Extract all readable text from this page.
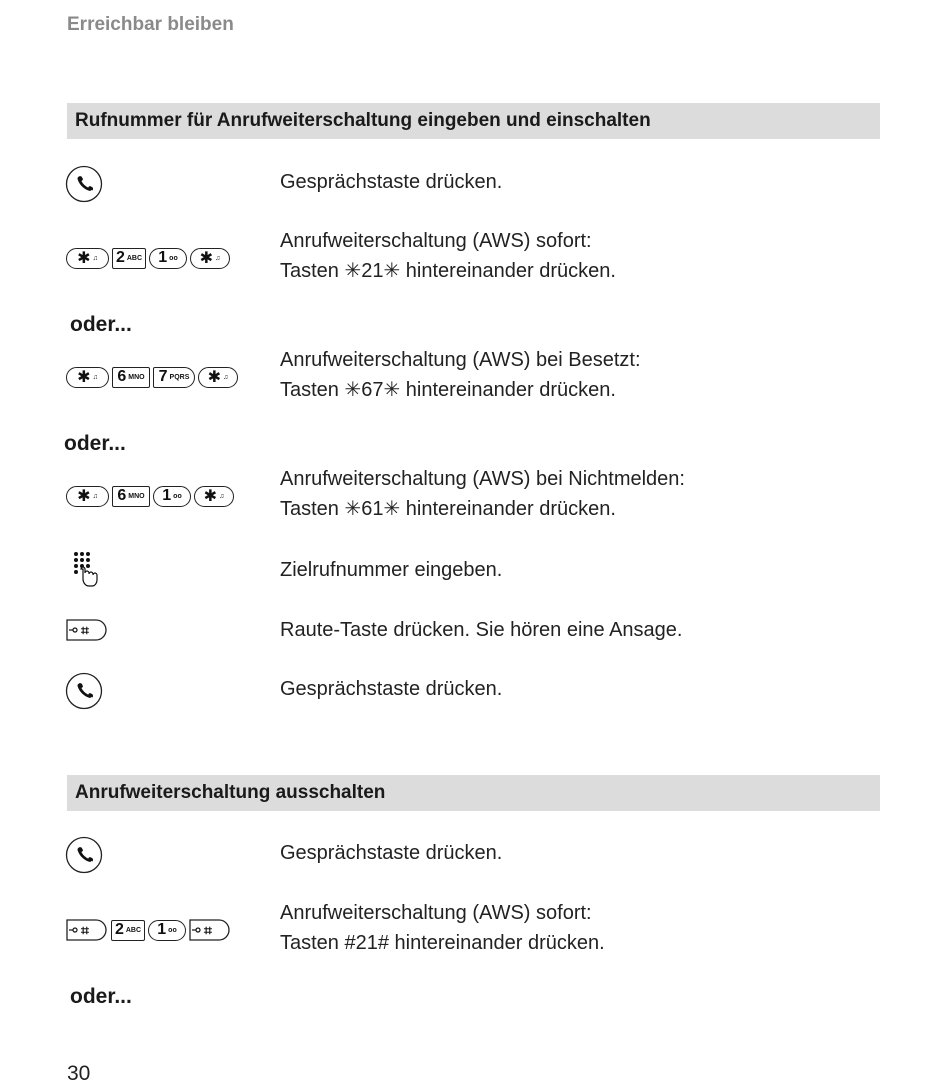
Erreichbar bleiben
Rufnummer für Anrufweiterschaltung eingeben und einschalten
Gesprächstaste drücken.
✱ ♫ 2 ABC 1 oo ✱ ♫
Anrufweiterschaltung (AWS) sofort:
Tasten ✳21✳ hintereinander drücken.
oder...
✱ ♫ 6 MNO 7 PQRS ✱ ♫
Anrufweiterschaltung (AWS) bei Besetzt:
Tasten ✳67✳ hintereinander drücken.
oder...
✱ ♫ 6 MNO 1 oo ✱ ♫
Anrufweiterschaltung (AWS) bei Nichtmelden:
Tasten ✳61✳ hintereinander drücken.
Zielrufnummer eingeben.
⌗	Raute-Taste drücken. Sie hören eine Ansage.
Gesprächstaste drücken.
Anrufweiterschaltung ausschalten
Gesprächstaste drücken.
⌗ 2 ABC 1 oo ⌗
Anrufweiterschaltung (AWS) sofort:
Tasten #21# hintereinander drücken.
oder...
30
